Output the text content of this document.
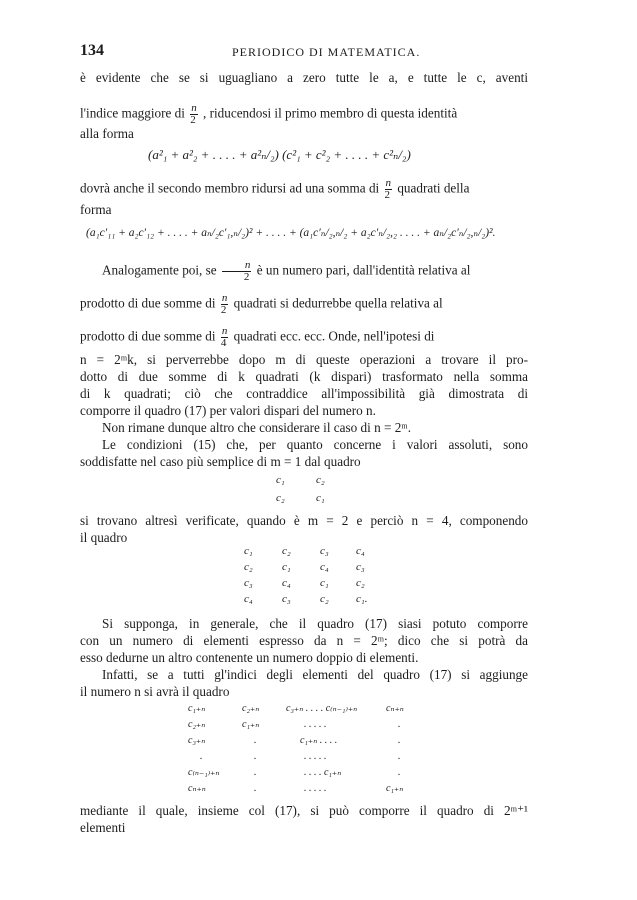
134	PERIODICO DI MATEMATICA.
è evidente che se si uguagliano a zero tutte le a, e tutte le c, aventi
l'indice maggiore di $\frac{n}{2}$ , riducendosi il primo membro di questa identità
alla forma
(a²₁ + a²₂ + . . . . + a²ₙ/₂) (c²₁ + c²₂ + . . . . + c²ₙ/₂)
dovrà anche il secondo membro ridursi ad una somma di $\frac{n}{2}$ quadrati della
forma
(a₁c′₁₁ + a₂c′₁₂ + . . . . + aₙ/₂c′₁,ₙ/₂)² + . . . . + (a₁c′ₙ/₂,ₙ/₂ + a₂c′ₙ/₂,₂ . . . . + aₙ/₂c′ₙ/₂,ₙ/₂)².
Analogamente poi, se $\frac{n}{2}$ è un numero pari, dall'identità relativa al
prodotto di due somme di $\frac{n}{2}$ quadrati si dedurrebbe quella relativa al
prodotto di due somme di $\frac{n}{4}$ quadrati ecc. ecc. Onde, nell'ipotesi di
n = 2ᵐk, si perverrebbe dopo m di queste operazioni a trovare il pro-
dotto di due somme di k quadrati (k dispari) trasformato nella somma
di k quadrati; ciò che contraddice all'impossibilità già dimostrata di
comporre il quadro (17) per valori dispari del numero n.
Non rimane dunque altro che considerare il caso di n = 2ᵐ.
Le condizioni (15) che, per quanto concerne i valori assoluti, sono
soddisfatte nel caso più semplice di m = 1 dal quadro
c₁	c₂
c₂	c₁
si trovano altresì verificate, quando è m = 2 e perciò n = 4, componendo
il quadro
c₁	c₂	c₃ c₄
c₂	c₁	c₄ c₃
c₃	c₄	c₁ c₂
c₄	c₃	c₂ c₁.
Si supponga, in generale, che il quadro (17) siasi potuto comporre
con un numero di elementi espresso da n = 2ᵐ; dico che si potrà da
esso dedurne un altro contenente un numero doppio di elementi.
Infatti, se a tutti gl'indici degli elementi del quadro (17) si aggiunge
il numero n si avrà il quadro
c₁₊ₙ	c₂₊ₙ	c₃₊ₙ . . . . c₍ₙ₋₁₎₊ₙ	cₙ₊ₙ
c₂₊ₙ	c₁₊ₙ	. . . . .	.
c₃₊ₙ	.	c₁₊ₙ . . . .	.
.	.	. . . . .	.
c₍ₙ₋₁₎₊ₙ	.	. . . . c₁₊ₙ	.
cₙ₊ₙ	.	. . . . .	c₁₊ₙ
mediante il quale, insieme col (17), si può comporre il quadro di 2ᵐ⁺¹
elementi
